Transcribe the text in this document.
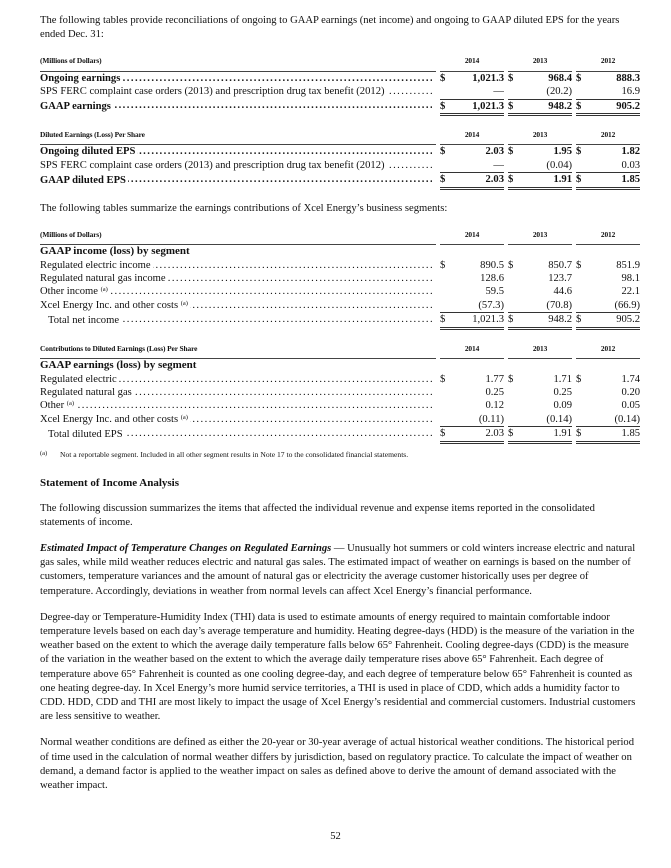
The following tables provide reconciliations of ongoing to GAAP earnings (net income) and ongoing to GAAP diluted EPS for the years ended Dec. 31:

(Millions of Dollars)		2014			2013			2012	
Ongoing earnings . . .		$	1,021.3		$	968.4		$	888.3
SPS FERC complaint case orders (2013) and prescription drug tax benefit (2012) . . .			—			(20.2)			16.9
GAAP earnings . . .		$	1,021.3		$	948.2		$	905.2
Diluted Earnings (Loss) Per Share		2014			2013			2012	
Ongoing diluted EPS . . .		$	2.03		$	1.95		$	1.82
SPS FERC complaint case orders (2013) and prescription drug tax benefit (2012) . . .			—			(0.04)			0.03
GAAP diluted EPS . . .		$	2.03		$	1.91		$	1.85

The following tables summarize the earnings contributions of Xcel Energy’s business segments:

(Millions of Dollars)		2014			2013			2012	
GAAP income (loss) by segment									
Regulated electric income . . .		$	890.5		$	850.7		$	851.9
Regulated natural gas income . . .			128.6			123.7			98.1
Other income $^{(a)}$ . . .			59.5			44.6			22.1
Xcel Energy Inc. and other costs $^{(a)}$ . . .			(57.3)			(70.8)			(66.9)
Total net income . . .		$	1,021.3		$	948.2		$	905.2
Contributions to Diluted Earnings (Loss) Per Share		2014			2013			2012	
GAAP earnings (loss) by segment									
Regulated electric . . .		$	1.77		$	1.71		$	1.74
Regulated natural gas . . .			0.25			0.25			0.20
Other $^{(a)}$ . . .			0.12			0.09			0.05
Xcel Energy Inc. and other costs $^{(a)}$ . . .			(0.11)			(0.14)			(0.14)
Total diluted EPS . . .		$	2.03		$	1.91		$	1.85
(a) Not a reportable segment. Included in all other segment results in Note 17 to the consolidated financial statements.
Statement of Income Analysis

The following discussion summarizes the items that affected the individual revenue and expense items reported in the consolidated statements of income.

Estimated Impact of Temperature Changes on Regulated Earnings — Unusually hot summers or cold winters increase electric and natural gas sales, while mild weather reduces electric and natural gas sales. The estimated impact of weather on earnings is based on the number of customers, temperature variances and the amount of natural gas or electricity the average customer historically uses per degree of temperature. Accordingly, deviations in weather from normal levels can affect Xcel Energy’s financial performance.

Degree-day or Temperature-Humidity Index (THI) data is used to estimate amounts of energy required to maintain comfortable indoor temperature levels based on each day’s average temperature and humidity. Heating degree-days (HDD) is the measure of the variation in the weather based on the extent to which the average daily temperature falls below 65° Fahrenheit. Cooling degree-days (CDD) is the measure of the variation in the weather based on the extent to which the average daily temperature rises above 65° Fahrenheit. Each degree of temperature above 65° Fahrenheit is counted as one cooling degree-day, and each degree of temperature below 65° Fahrenheit is counted as one heating degree-day. In Xcel Energy’s more humid service territories, a THI is used in place of CDD, which adds a humidity factor to CDD. HDD, CDD and THI are most likely to impact the usage of Xcel Energy’s residential and commercial customers. Industrial customers are less sensitive to weather.

Normal weather conditions are defined as either the 20-year or 30-year average of actual historical weather conditions. The historical period of time used in the calculation of normal weather differs by jurisdiction, based on regulatory practice. To calculate the impact of weather on demand, a demand factor is applied to the weather impact on sales as defined above to derive the amount of demand associated with the weather impact.

52
